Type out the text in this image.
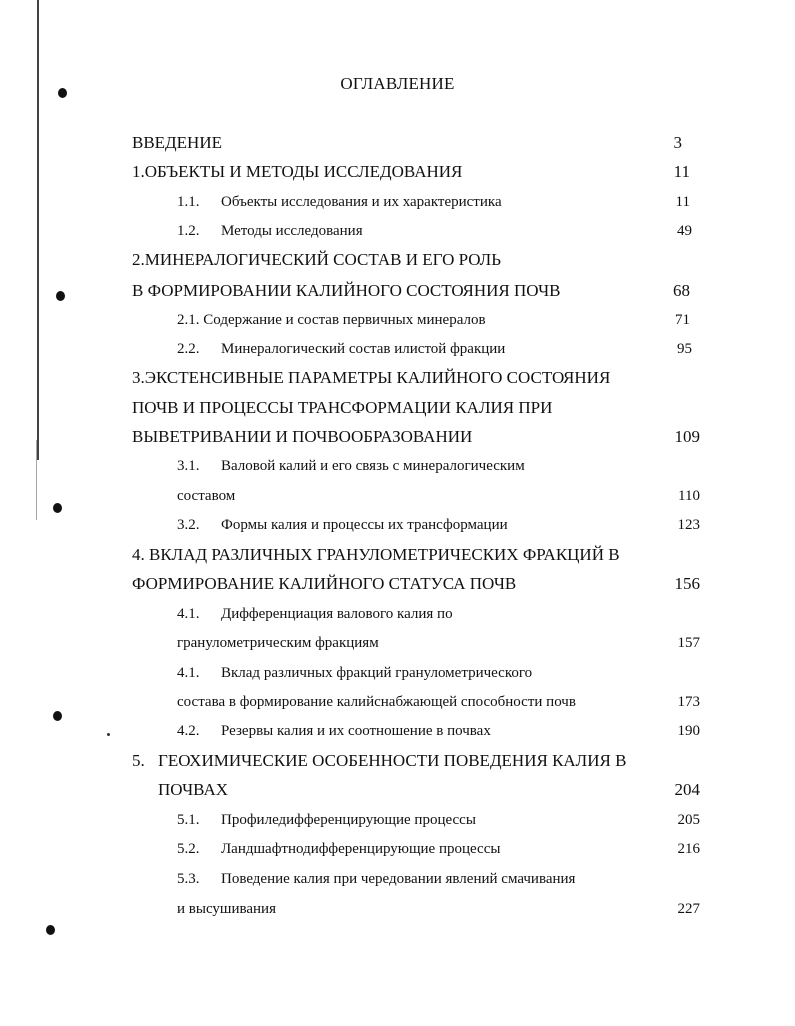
ОГЛАВЛЕНИЕ
ВВЕДЕНИЕ	3
1.ОБЪЕКТЫ И МЕТОДЫ ИССЛЕДОВАНИЯ	11
1.1. Объекты исследования и их характеристика	11
1.2. Методы исследования	49
2.МИНЕРАЛОГИЧЕСКИЙ СОСТАВ И ЕГО РОЛЬ
В ФОРМИРОВАНИИ КАЛИЙНОГО СОСТОЯНИЯ ПОЧВ	68
2.1. Содержание и состав первичных минералов	71
2.2. Минералогический состав илистой фракции	95
3.ЭКСТЕНСИВНЫЕ ПАРАМЕТРЫ КАЛИЙНОГО СОСТОЯНИЯ
ПОЧВ И ПРОЦЕССЫ ТРАНСФОРМАЦИИ КАЛИЯ ПРИ
ВЫВЕТРИВАНИИ И ПОЧВООБРАЗОВАНИИ	109
3.1. Валовой калий и его связь с минералогическим
составом	110
3.2. Формы калия и процессы их трансформации	123
4. ВКЛАД РАЗЛИЧНЫХ ГРАНУЛОМЕТРИЧЕСКИХ ФРАКЦИЙ В
ФОРМИРОВАНИЕ КАЛИЙНОГО СТАТУСА ПОЧВ	156
4.1. Дифференциация валового калия по
гранулометрическим фракциям	157
4.1. Вклад различных фракций гранулометрического
состава в формирование калийснабжающей способности почв	173
4.2. Резервы калия и их соотношение в почвах	190
5. ГЕОХИМИЧЕСКИЕ ОСОБЕННОСТИ ПОВЕДЕНИЯ КАЛИЯ В
ПОЧВАХ	204
5.1. Профиледифференцирующие процессы	205
5.2. Ландшафтнодифференцирующие процессы	216
5.3. Поведение калия при чередовании явлений смачивания
и высушивания	227
